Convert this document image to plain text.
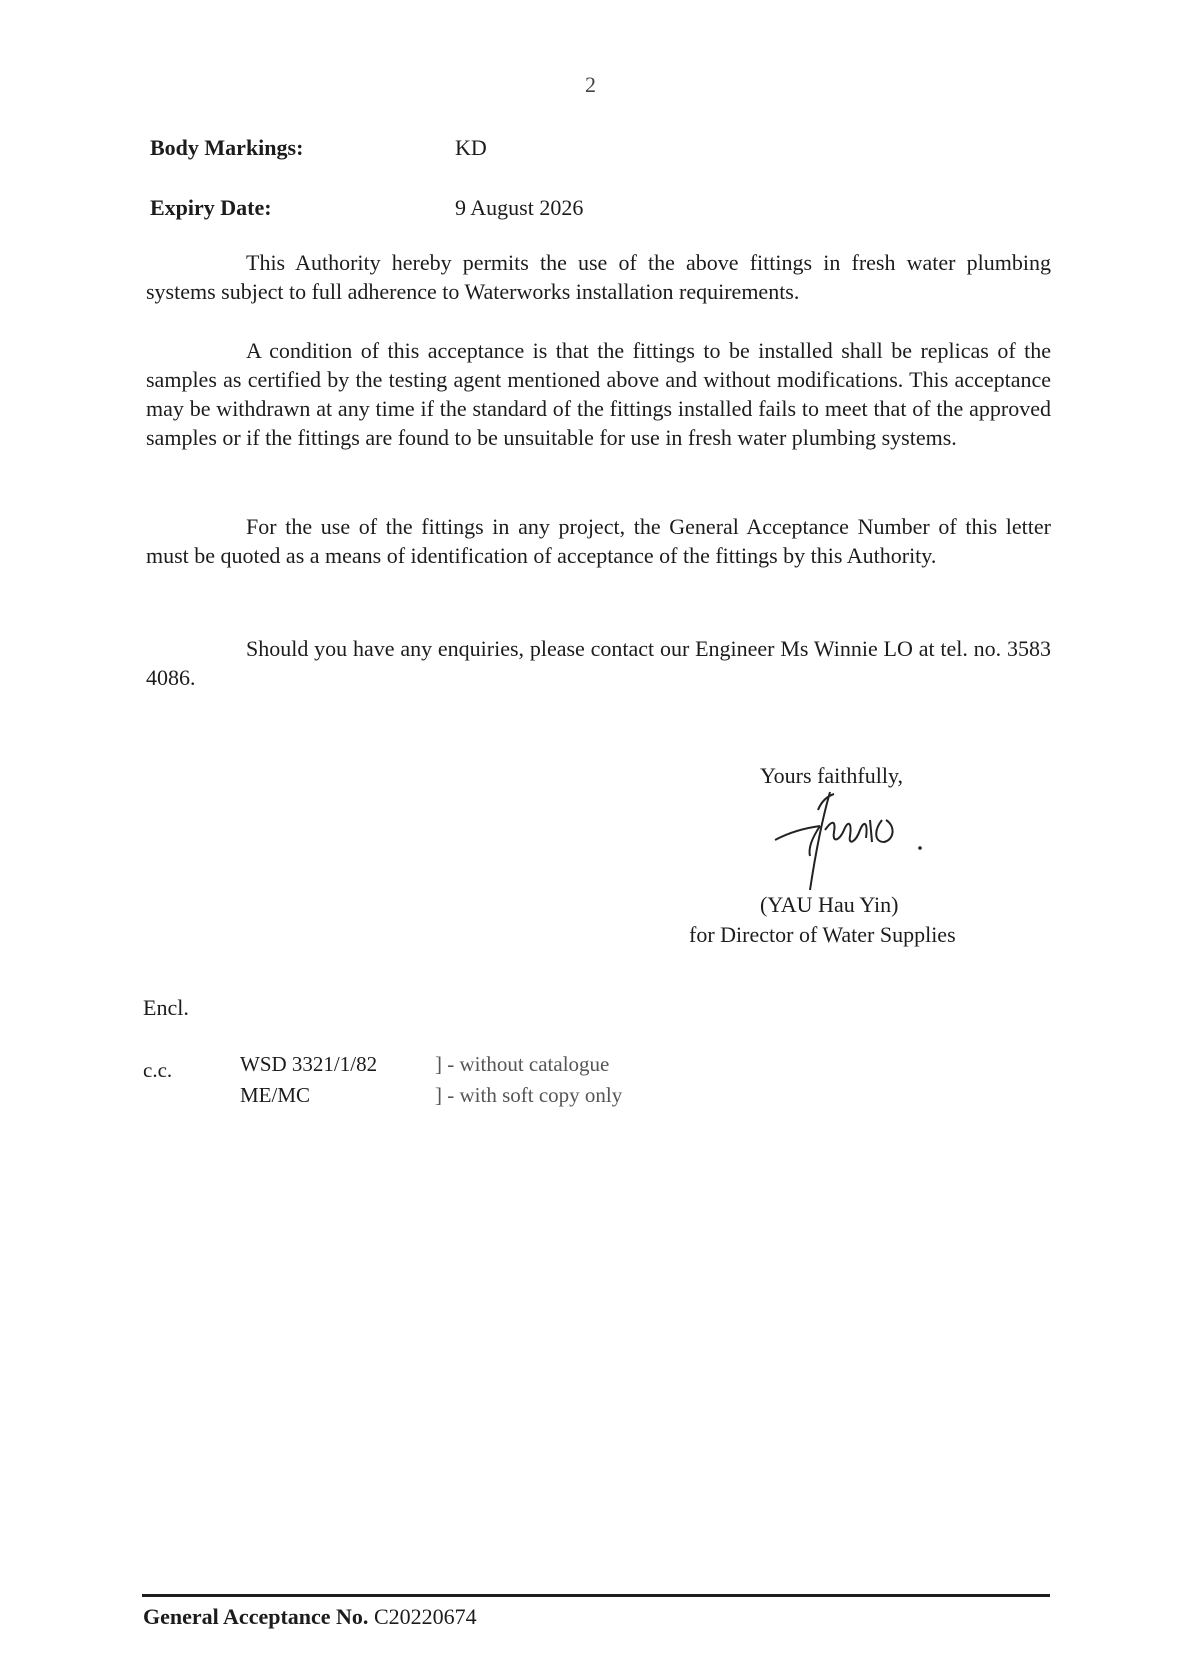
2
Body Markings:	KD
Expiry Date:	9 August 2026

This Authority hereby permits the use of the above fittings in fresh water plumbing systems subject to full adherence to Waterworks installation requirements.

A condition of this acceptance is that the fittings to be installed shall be replicas of the samples as certified by the testing agent mentioned above and without modifications. This acceptance may be withdrawn at any time if the standard of the fittings installed fails to meet that of the approved samples or if the fittings are found to be unsuitable for use in fresh water plumbing systems.

For the use of the fittings in any project, the General Acceptance Number of this letter must be quoted as a means of identification of acceptance of the fittings by this Authority.

Should you have any enquiries, please contact our Engineer Ms Winnie LO at tel. no. 3583 4086.

Yours faithfully,
(YAU Hau Yin)
for Director of Water Supplies
Encl.
c.c.	WSD 3321/1/82	] - without catalogue
ME/MC	] - with soft copy only
General Acceptance No. C20220674
